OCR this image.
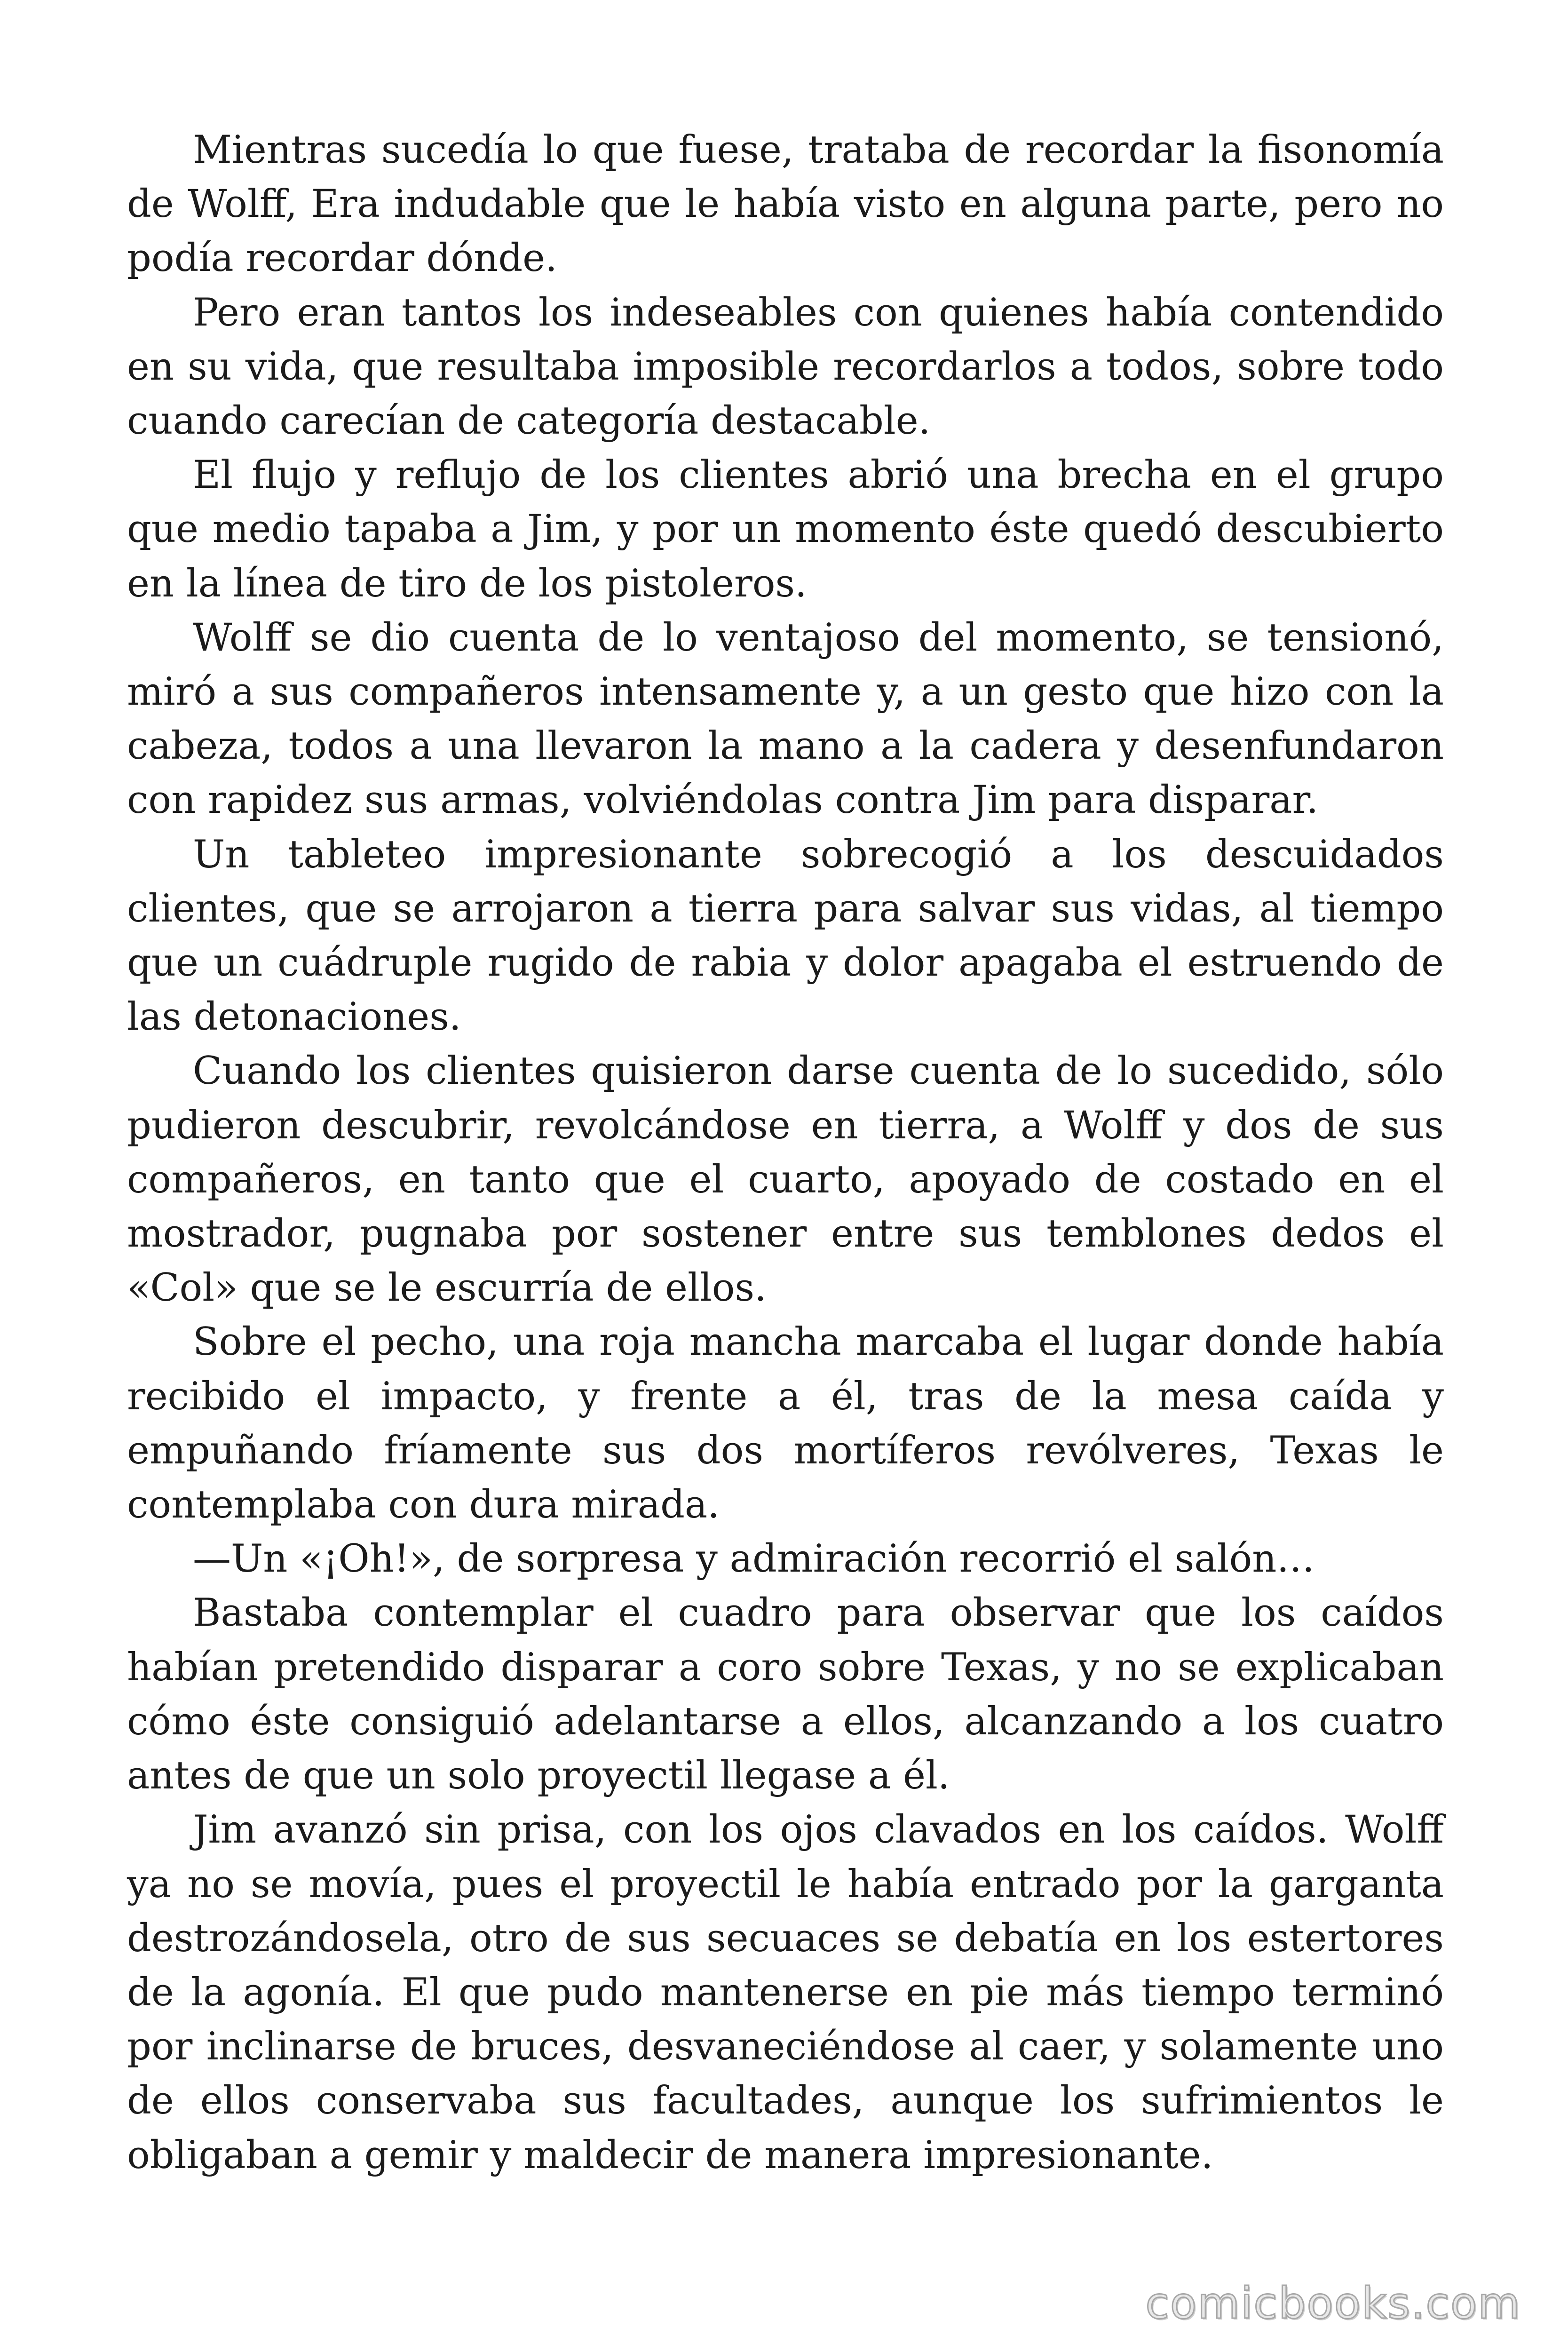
Mientras sucedía lo que fuese, trataba de recordar la fisonomía de Wolff, Era indudable que le había visto en alguna parte, pero no podía recordar dónde.

Pero eran tantos los indeseables con quienes había contendido en su vida, que resultaba imposible recordarlos a todos, sobre todo cuando carecían de categoría destacable.

El flujo y reflujo de los clientes abrió una brecha en el grupo que medio tapaba a Jim, y por un momento éste quedó descubierto en la línea de tiro de los pistoleros.

Wolff se dio cuenta de lo ventajoso del momento, se tensionó, miró a sus compañeros intensamente y, a un gesto que hizo con la cabeza, todos a una llevaron la mano a la cadera y desenfundaron con rapidez sus armas, volviéndolas contra Jim para disparar.

Un tableteo impresionante sobrecogió a los descuidados clientes, que se arrojaron a tierra para salvar sus vidas, al tiempo que un cuádruple rugido de rabia y dolor apagaba el estruendo de las detonaciones.

Cuando los clientes quisieron darse cuenta de lo sucedido, sólo pudieron descubrir, revolcándose en tierra, a Wolff y dos de sus compañeros, en tanto que el cuarto, apoyado de costado en el mostrador, pugnaba por sostener entre sus temblones dedos el «Col» que se le escurría de ellos.

Sobre el pecho, una roja mancha marcaba el lugar donde había recibido el impacto, y frente a él, tras de la mesa caída y empuñando fríamente sus dos mortíferos revólveres, Texas le contemplaba con dura mirada.

—Un «¡Oh!», de sorpresa y admiración recorrió el salón…

Bastaba contemplar el cuadro para observar que los caídos habían pretendido disparar a coro sobre Texas, y no se explicaban cómo éste consiguió adelantarse a ellos, alcanzando a los cuatro antes de que un solo proyectil llegase a él.

Jim avanzó sin prisa, con los ojos clavados en los caídos. Wolff ya no se movía, pues el proyectil le había entrado por la garganta destrozándosela, otro de sus secuaces se debatía en los estertores de la agonía. El que pudo mantenerse en pie más tiempo terminó por inclinarse de bruces, desvaneciéndose al caer, y solamente uno de ellos conservaba sus facultades, aunque los sufrimientos le obligaban a gemir y maldecir de manera impresionante.

comicbooks.com
